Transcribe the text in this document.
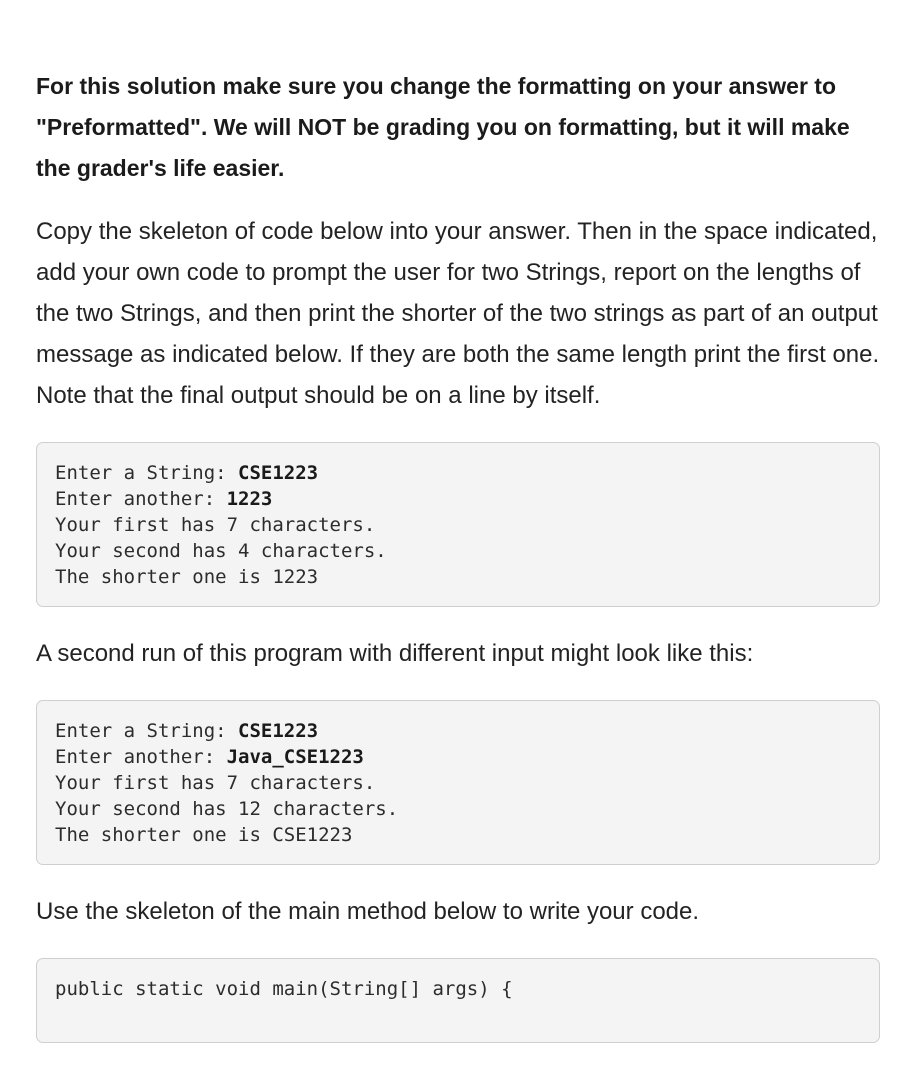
For this solution make sure you change the formatting on your answer to "Preformatted". We will NOT be grading you on formatting, but it will make the grader's life easier.

Copy the skeleton of code below into your answer. Then in the space indicated, add your own code to prompt the user for two Strings, report on the lengths of the two Strings, and then print the shorter of the two strings as part of an output message as indicated below. If they are both the same length print the first one. Note that the final output should be on a line by itself.

Enter a String: CSE1223
Enter another: 1223
Your first has 7 characters.
Your second has 4 characters.
The shorter one is 1223

A second run of this program with different input might look like this:

Enter a String: CSE1223
Enter another: Java_CSE1223
Your first has 7 characters.
Your second has 12 characters.
The shorter one is CSE1223

Use the skeleton of the main method below to write your code.

public static void main(String[] args) {
